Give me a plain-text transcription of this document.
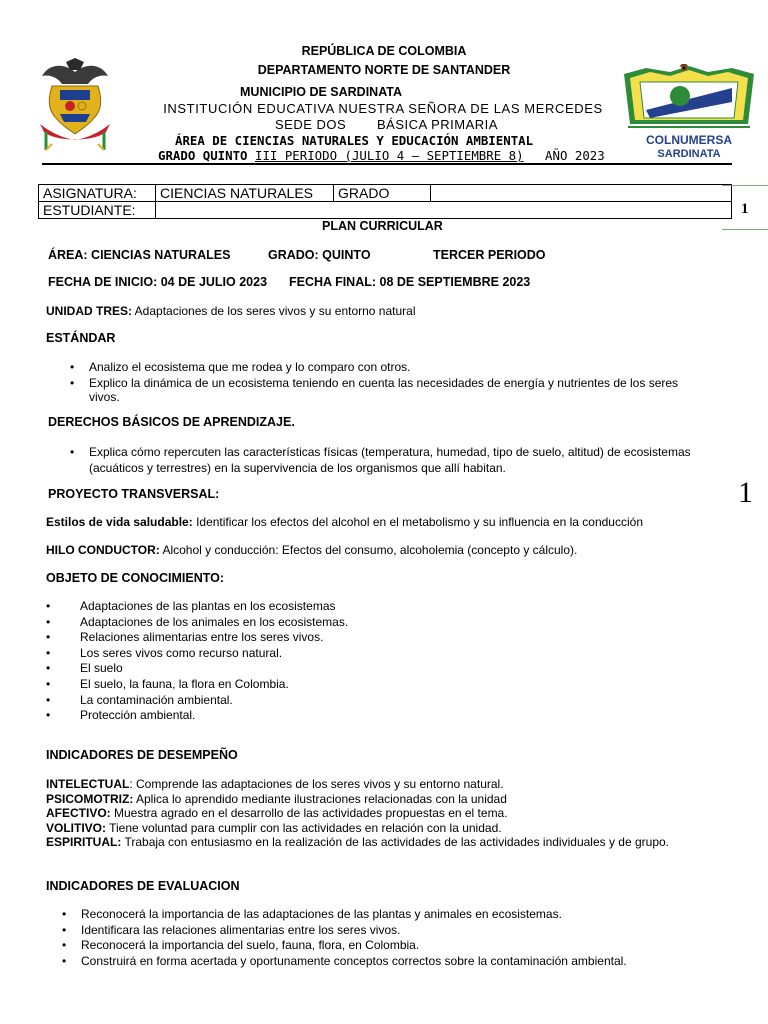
REPÚBLICA DE COLOMBIA
DEPARTAMENTO NORTE DE SANTANDER
MUNICIPIO DE SARDINATA
INSTITUCIÓN EDUCATIVA NUESTRA SEÑORA DE LAS MERCEDES
SEDE DOS BÁSICA PRIMARIA
ÁREA DE CIENCIAS NATURALES Y EDUCACIÓN AMBIENTAL
GRADO QUINTO III PERIODO (JULIO 4 – SEPTIEMBRE 8) AÑO 2023
COLNUMERSA
SARDINATA
ASIGNATURA:	CIENCIAS NATURALES	GRADO	
ESTUDIANTE:				1
1
PLAN CURRICULAR
ÁREA: CIENCIAS NATURALES	GRADO: QUINTO	TERCER PERIODO
FECHA DE INICIO: 04 DE JULIO 2023 FECHA FINAL: 08 DE SEPTIEMBRE 2023
UNIDAD TRES: Adaptaciones de los seres vivos y su entorno natural
ESTÁNDAR
• Analizo el ecosistema que me rodea y lo comparo con otros.
• Explico la dinámica de un ecosistema teniendo en cuenta las necesidades de energía y nutrientes de los seres
vivos.
DERECHOS BÁSICOS DE APRENDIZAJE.
• Explica cómo repercuten las características físicas (temperatura, humedad, tipo de suelo, altitud) de ecosistemas
(acuáticos y terrestres) en la supervivencia de los organismos que allí habitan.
PROYECTO TRANSVERSAL:
Estilos de vida saludable: Identificar los efectos del alcohol en el metabolismo y su influencia en la conducción
HILO CONDUCTOR: Alcohol y conducción: Efectos del consumo, alcoholemia (concepto y cálculo).
OBJETO DE CONOCIMIENTO:
• Adaptaciones de las plantas en los ecosistemas
• Adaptaciones de los animales en los ecosistemas.
• Relaciones alimentarias entre los seres vivos.
• Los seres vivos como recurso natural.
• El suelo
• El suelo, la fauna, la flora en Colombia.
• La contaminación ambiental.
• Protección ambiental.
INDICADORES DE DESEMPEÑO
INTELECTUAL: Comprende las adaptaciones de los seres vivos y su entorno natural.
PSICOMOTRIZ: Aplica lo aprendido mediante ilustraciones relacionadas con la unidad
AFECTIVO: Muestra agrado en el desarrollo de las actividades propuestas en el tema.
VOLITIVO: Tiene voluntad para cumplir con las actividades en relación con la unidad.
ESPIRITUAL: Trabaja con entusiasmo en la realización de las actividades de las actividades individuales y de grupo.
INDICADORES DE EVALUACION
• Reconocerá la importancia de las adaptaciones de las plantas y animales en ecosistemas.
• Identificara las relaciones alimentarias entre los seres vivos.
• Reconocerá la importancia del suelo, fauna, flora, en Colombia.
• Construirá en forma acertada y oportunamente conceptos correctos sobre la contaminación ambiental.
